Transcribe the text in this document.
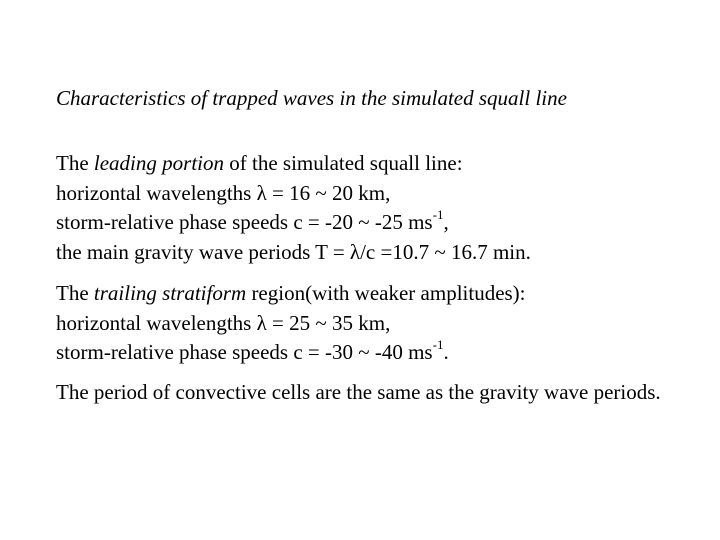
Characteristics of trapped waves in the simulated squall line
The leading portion of the simulated squall line:
horizontal wavelengths λ = 16 ~ 20 km,
storm-relative phase speeds c = -20 ~ -25 $ms^{-1}$,
the main gravity wave periods T = λ/c =10.7 ~ 16.7 min.
The trailing stratiform region(with weaker amplitudes):
horizontal wavelengths λ = 25 ~ 35 km,
storm-relative phase speeds c = -30 ~ -40 $ms^{-1}$.
The period of convective cells are the same as the gravity wave periods.
